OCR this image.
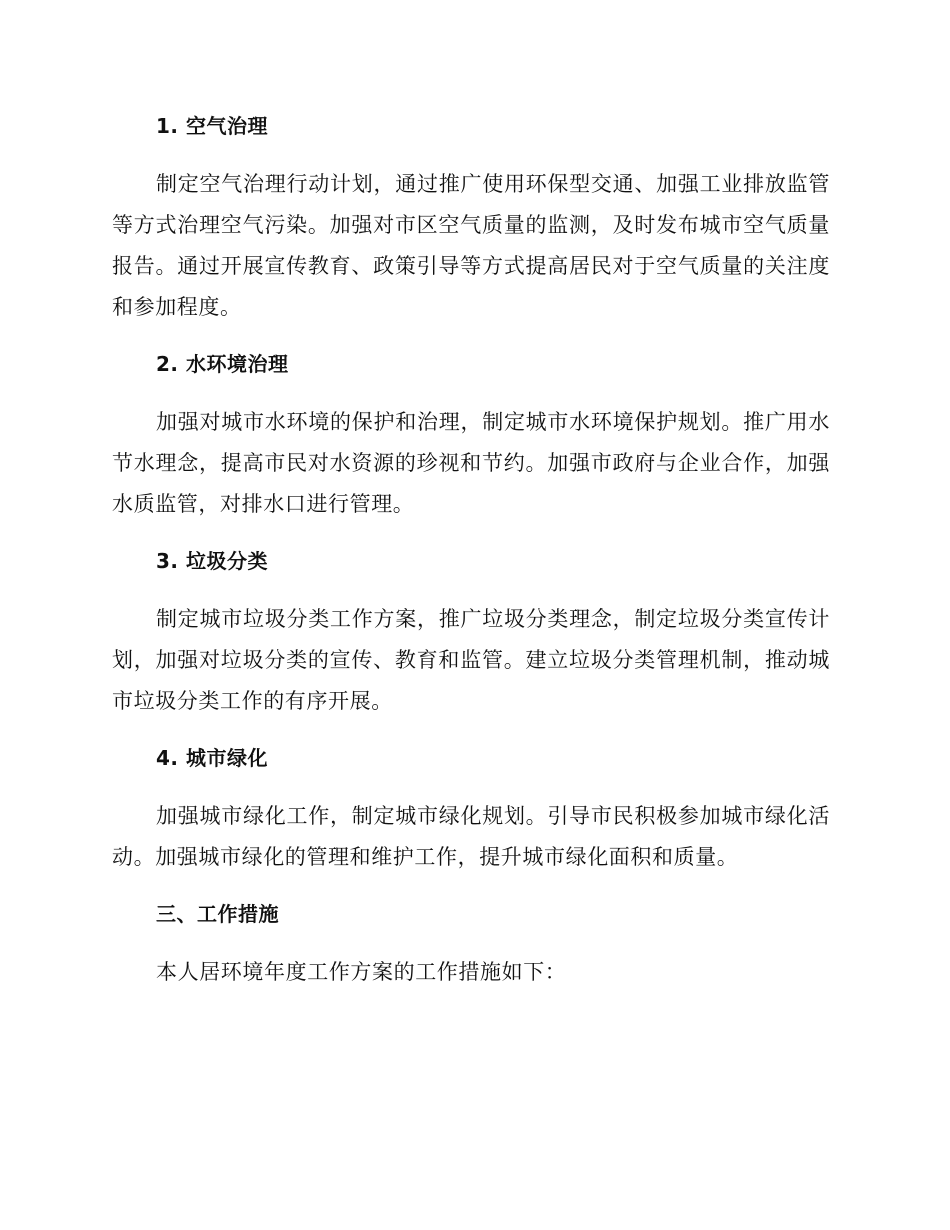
1. 空气治理

制定空气治理行动计划，通过推广使用环保型交通、加强工业排放监管等方式治理空气污染。加强对市区空气质量的监测，及时发布城市空气质量报告。通过开展宣传教育、政策引导等方式提高居民对于空气质量的关注度和参加程度。

2. 水环境治理

加强对城市水环境的保护和治理，制定城市水环境保护规划。推广用水节水理念，提高市民对水资源的珍视和节约。加强市政府与企业合作，加强水质监管，对排水口进行管理。

3. 垃圾分类

制定城市垃圾分类工作方案，推广垃圾分类理念，制定垃圾分类宣传计划，加强对垃圾分类的宣传、教育和监管。建立垃圾分类管理机制，推动城市垃圾分类工作的有序开展。

4. 城市绿化

加强城市绿化工作，制定城市绿化规划。引导市民积极参加城市绿化活动。加强城市绿化的管理和维护工作，提升城市绿化面积和质量。

三、工作措施

本人居环境年度工作方案的工作措施如下：
